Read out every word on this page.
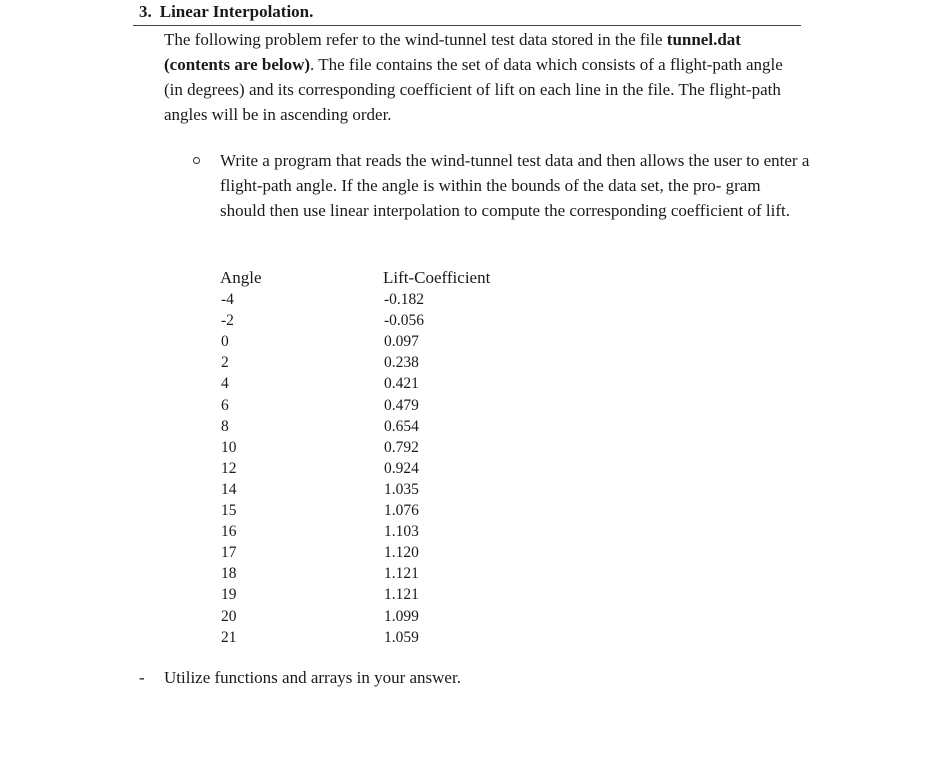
3. Linear Interpolation.
The following problem refer to the wind-tunnel test data stored in the file tunnel.dat (contents are below). The file contains the set of data which consists of a flight-path angle (in degrees) and its corresponding coefficient of lift on each line in the file. The flight-path angles will be in ascending order.
Write a program that reads the wind-tunnel test data and then allows the user to enter a flight-path angle. If the angle is within the bounds of the data set, the pro- gram should then use linear interpolation to compute the corresponding coefficient of lift.
Angle	Lift-Coefficient
-4	-0.182
-2	-0.056
0	0.097
2	0.238
4	0.421
6	0.479
8	0.654
10	0.792
12	0.924
14	1.035
15	1.076
16	1.103
17	1.120
18	1.121
19	1.121
20	1.099
21	1.059
- Utilize functions and arrays in your answer.
